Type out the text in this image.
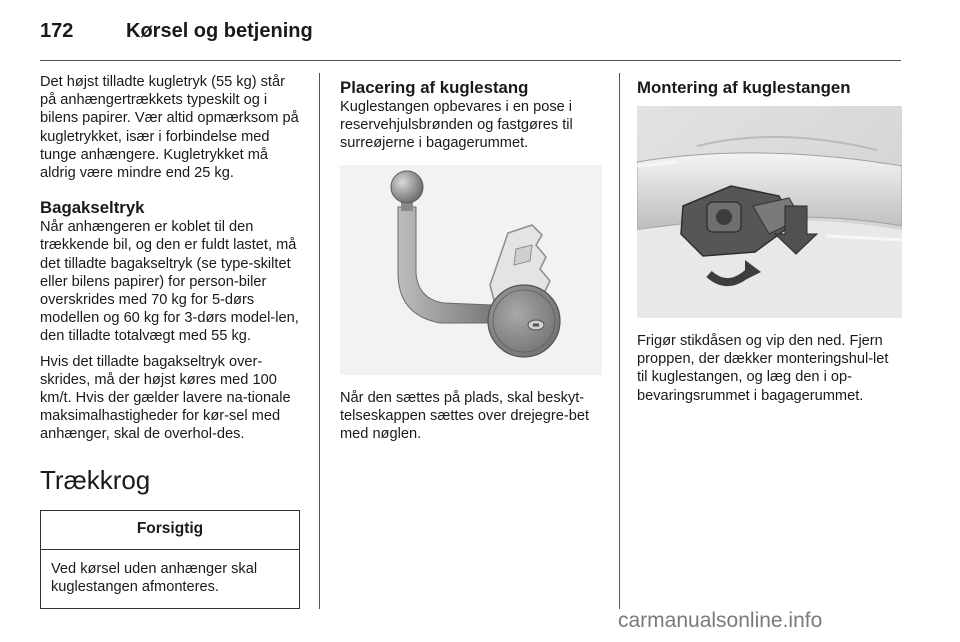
172	Kørsel og betjening

Det højst tilladte kugletryk (55 kg) står på anhængertrækkets typeskilt og i bilens papirer. Vær altid opmærksom på kugletrykket, især i forbindelse med tunge anhængere. Kugletrykket må aldrig være mindre end 25 kg.

Bagakseltryk

Når anhængeren er koblet til den trækkende bil, og den er fuldt lastet, må det tilladte bagakseltryk (se type-skiltet eller bilens papirer) for person-biler overskrides med 70 kg for 5-dørs modellen og 60 kg for 3-dørs model-len, den tilladte totalvægt med 55 kg.

Hvis det tilladte bagakseltryk over-skrides, må der højst køres med 100 km/t. Hvis der gælder lavere na-tionale maksimalhastigheder for kør-sel med anhænger, skal de overhol-des.

Trækkrog
Forsigtig
Ved kørsel uden anhænger skal kuglestangen afmonteres.
Placering af kuglestang

Kuglestangen opbevares i en pose i reservehjulsbrønden og fastgøres til surreøjerne i bagagerummet.

Når den sættes på plads, skal beskyt-telseskappen sættes over drejegre-bet med nøglen.

Montering af kuglestangen

Frigør stikdåsen og vip den ned. Fjern proppen, der dækker monteringshul-let til kuglestangen, og læg den i op-bevaringsrummet i bagagerummet.

carmanualsonline.info
